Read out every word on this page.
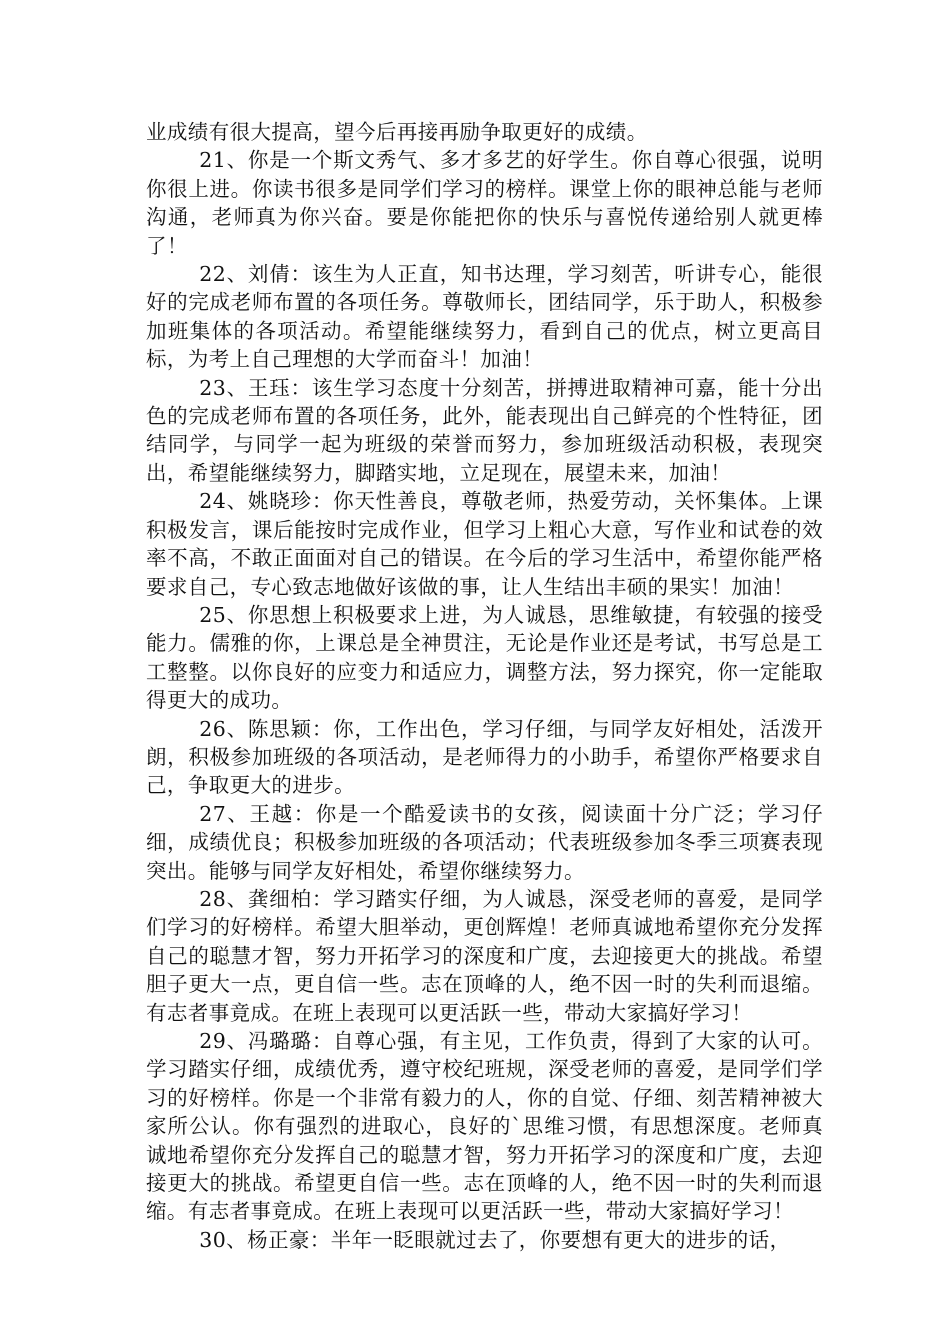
业成绩有很大提高，望今后再接再励争取更好的成绩。

21、你是一个斯文秀气、多才多艺的好学生。你自尊心很强，说明你很上进。你读书很多是同学们学习的榜样。课堂上你的眼神总能与老师沟通，老师真为你兴奋。要是你能把你的快乐与喜悦传递给别人就更棒了！

22、刘倩：该生为人正直，知书达理，学习刻苦，听讲专心，能很好的完成老师布置的各项任务。尊敬师长，团结同学，乐于助人，积极参加班集体的各项活动。希望能继续努力，看到自己的优点，树立更高目标，为考上自己理想的大学而奋斗！加油！

23、王珏：该生学习态度十分刻苦，拼搏进取精神可嘉，能十分出色的完成老师布置的各项任务，此外，能表现出自己鲜亮的个性特征，团结同学，与同学一起为班级的荣誉而努力，参加班级活动积极，表现突出，希望能继续努力，脚踏实地，立足现在，展望未来，加油！

24、姚晓珍：你天性善良，尊敬老师，热爱劳动，关怀集体。上课积极发言，课后能按时完成作业，但学习上粗心大意，写作业和试卷的效率不高，不敢正面面对自己的错误。在今后的学习生活中，希望你能严格要求自己，专心致志地做好该做的事，让人生结出丰硕的果实！加油！

25、你思想上积极要求上进，为人诚恳，思维敏捷，有较强的接受能力。儒雅的你，上课总是全神贯注，无论是作业还是考试，书写总是工工整整。以你良好的应变力和适应力，调整方法，努力探究，你一定能取得更大的成功。

26、陈思颖：你，工作出色，学习仔细，与同学友好相处，活泼开朗，积极参加班级的各项活动，是老师得力的小助手，希望你严格要求自己，争取更大的进步。

27、王越：你是一个酷爱读书的女孩，阅读面十分广泛；学习仔细，成绩优良；积极参加班级的各项活动；代表班级参加冬季三项赛表现突出。能够与同学友好相处，希望你继续努力。

28、龚细柏：学习踏实仔细，为人诚恳，深受老师的喜爱，是同学们学习的好榜样。希望大胆举动，更创辉煌！老师真诚地希望你充分发挥自己的聪慧才智，努力开拓学习的深度和广度，去迎接更大的挑战。希望胆子更大一点，更自信一些。志在顶峰的人，绝不因一时的失利而退缩。有志者事竟成。在班上表现可以更活跃一些，带动大家搞好学习！

29、冯璐璐：自尊心强，有主见，工作负责，得到了大家的认可。学习踏实仔细，成绩优秀，遵守校纪班规，深受老师的喜爱，是同学们学习的好榜样。你是一个非常有毅力的人，你的自觉、仔细、刻苦精神被大家所公认。你有强烈的进取心，良好的`思维习惯，有思想深度。老师真诚地希望你充分发挥自己的聪慧才智，努力开拓学习的深度和广度，去迎接更大的挑战。希望更自信一些。志在顶峰的人，绝不因一时的失利而退缩。有志者事竟成。在班上表现可以更活跃一些，带动大家搞好学习！

30、杨正豪：半年一眨眼就过去了，你要想有更大的进步的话，
